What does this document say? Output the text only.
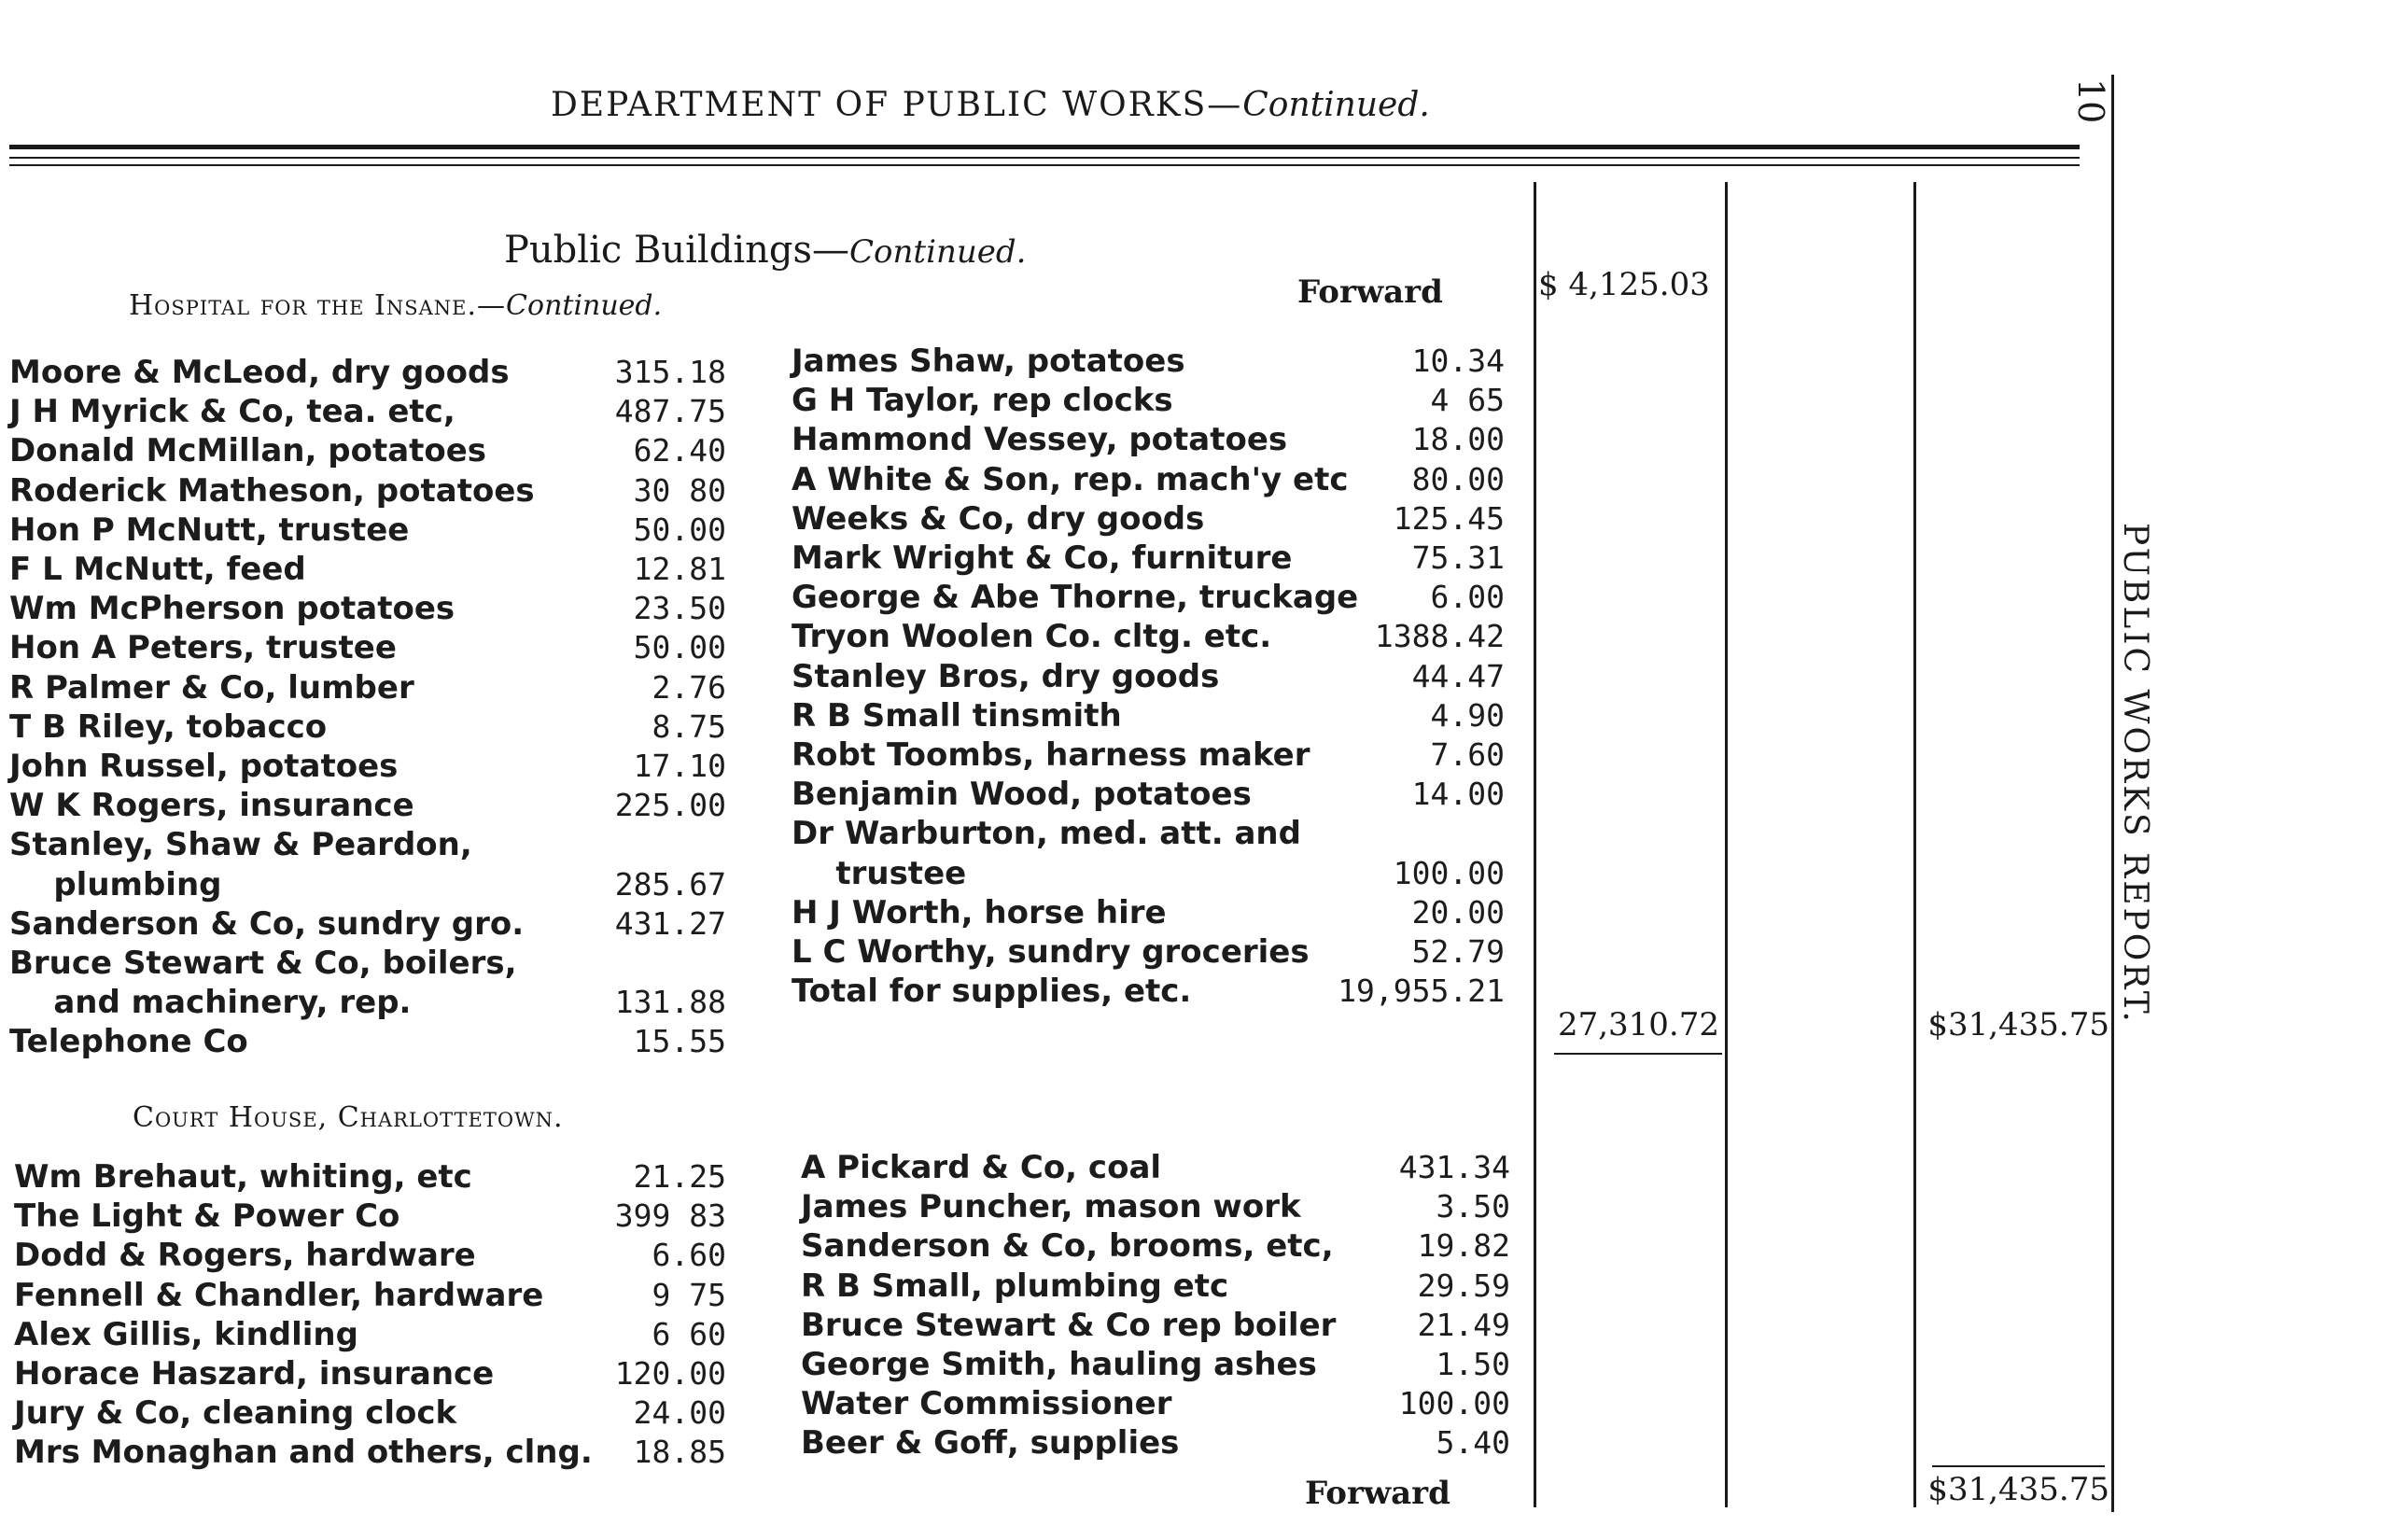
DEPARTMENT OF PUBLIC WORKS—Continued.	10
PUBLIC WORKS REPORT.
Public Buildings—Continued.
Hospital for the Insane.—Continued.	Forward	$ 4,125.03
Moore & McLeod, dry goods	315.18
J H Myrick & Co, tea. etc,	487.75
Donald McMillan, potatoes	62.40
Roderick Matheson, potatoes	30 80
Hon P McNutt, trustee	50.00
F L McNutt, feed	12.81
Wm McPherson potatoes	23.50
Hon A Peters, trustee	50.00
R Palmer & Co, lumber	2.76
T B Riley, tobacco	8.75
John Russel, potatoes	17.10
W K Rogers, insurance	225.00
Stanley, Shaw & Peardon,
plumbing	285.67
Sanderson & Co, sundry gro.	431.27
Bruce Stewart & Co, boilers,
and machinery, rep.	131.88
Telephone Co	15.55
James Shaw, potatoes	10.34
G H Taylor, rep clocks	4 65
Hammond Vessey, potatoes	18.00
A White & Son, rep. mach'y etc	80.00
Weeks & Co, dry goods	125.45
Mark Wright & Co, furniture	75.31
George & Abe Thorne, truckage	6.00
Tryon Woolen Co. cltg. etc.	1388.42
Stanley Bros, dry goods	44.47
R B Small tinsmith	4.90
Robt Toombs, harness maker	7.60
Benjamin Wood, potatoes	14.00
Dr Warburton, med. att. and
trustee	100.00
H J Worth, horse hire	20.00
L C Worthy, sundry groceries	52.79
Total for supplies, etc.	19,955.21
27,310.72	$31,435.75
Court House, Charlottetown.
Wm Brehaut, whiting, etc	21.25
The Light & Power Co	399 83
Dodd & Rogers, hardware	6.60
Fennell & Chandler, hardware	9 75
Alex Gillis, kindling	6 60
Horace Haszard, insurance	120.00
Jury & Co, cleaning clock	24.00
Mrs Monaghan and others, clng.	18.85
A Pickard & Co, coal	431.34
James Puncher, mason work	3.50
Sanderson & Co, brooms, etc,	19.82
R B Small, plumbing etc	29.59
Bruce Stewart & Co rep boiler	21.49
George Smith, hauling ashes	1.50
Water Commissioner	100.00
Beer & Goff, supplies	5.40
Forward	$31,435.75
